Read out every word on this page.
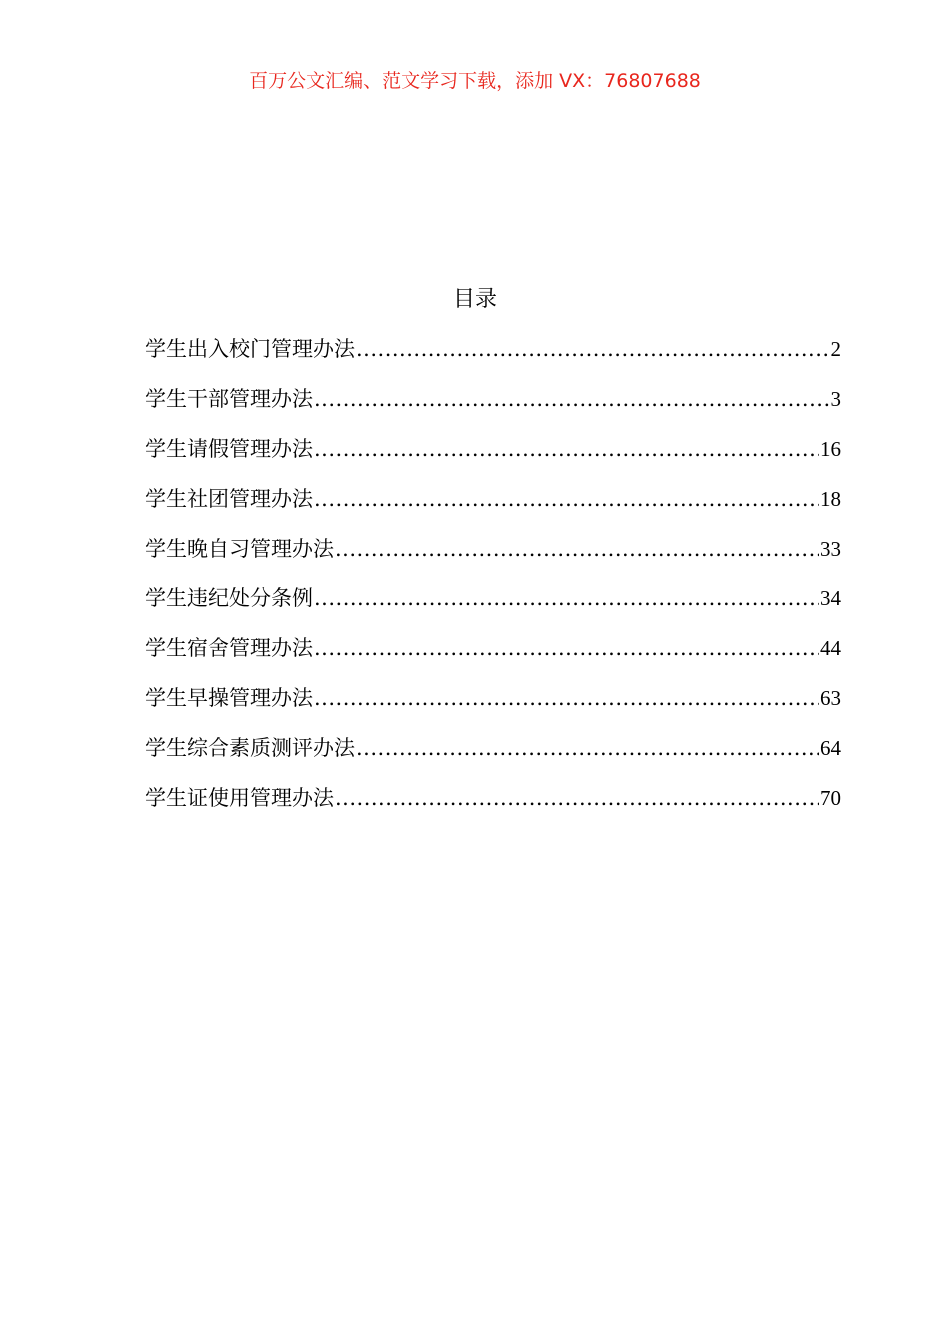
百万公文汇编、范文学习下载，添加 VX：76807688
目录
学生出入校门管理办法 .....	2
学生干部管理办法 .....	3
学生请假管理办法 .....	16
学生社团管理办法 .....	18
学生晚自习管理办法 .....	33
学生违纪处分条例 .....	34
学生宿舍管理办法 .....	44
学生早操管理办法 .....	63
学生综合素质测评办法 .....	64
学生证使用管理办法 .....	70
